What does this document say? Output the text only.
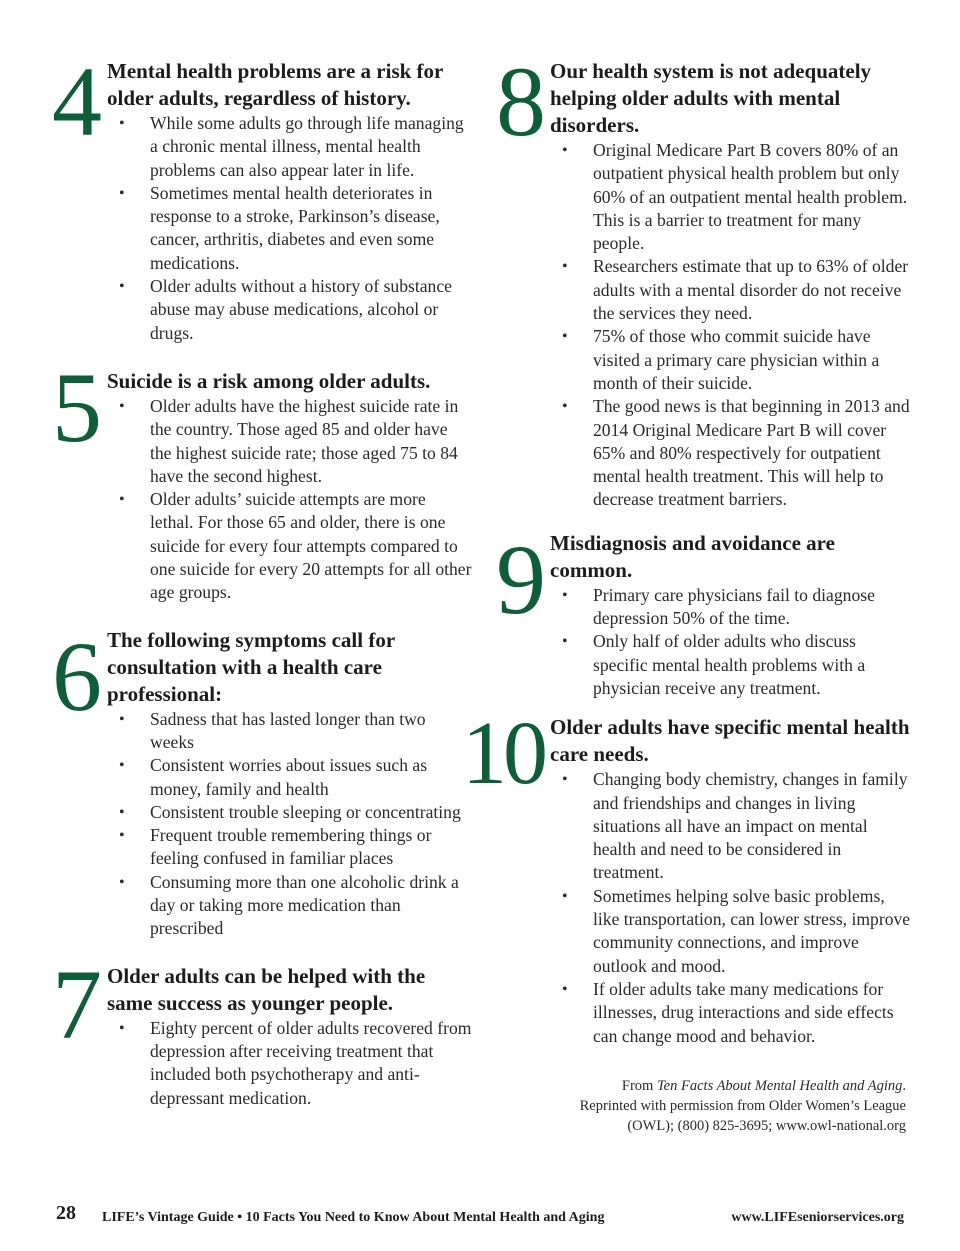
4 Mental health problems are a risk for older adults, regardless of history.
• While some adults go through life managing a chronic mental illness, mental health problems can also appear later in life.
• Sometimes mental health deteriorates in response to a stroke, Parkinson’s disease, cancer, arthritis, diabetes and even some medications.
• Older adults without a history of substance abuse may abuse medications, alcohol or drugs.
5 Suicide is a risk among older adults.
• Older adults have the highest suicide rate in the country. Those aged 85 and older have the highest suicide rate; those aged 75 to 84 have the second highest.
• Older adults’ suicide attempts are more lethal. For those 65 and older, there is one suicide for every four attempts compared to one suicide for every 20 attempts for all other age groups.
6 The following symptoms call for consultation with a health care professional:
• Sadness that has lasted longer than two weeks
• Consistent worries about issues such as money, family and health
• Consistent trouble sleeping or concentrating
• Frequent trouble remembering things or feeling confused in familiar places
• Consuming more than one alcoholic drink a day or taking more medication than prescribed
7 Older adults can be helped with the same success as younger people.
• Eighty percent of older adults recovered from depression after receiving treatment that included both psychotherapy and anti-depressant medication.
8 Our health system is not adequately helping older adults with mental disorders.
• Original Medicare Part B covers 80% of an outpatient physical health problem but only 60% of an outpatient mental health problem. This is a barrier to treatment for many people.
• Researchers estimate that up to 63% of older adults with a mental disorder do not receive the services they need.
• 75% of those who commit suicide have visited a primary care physician within a month of their suicide.
• The good news is that beginning in 2013 and 2014 Original Medicare Part B will cover 65% and 80% respectively for outpatient mental health treatment. This will help to decrease treatment barriers.
9 Misdiagnosis and avoidance are common.
• Primary care physicians fail to diagnose depression 50% of the time.
• Only half of older adults who discuss specific mental health problems with a physician receive any treatment.
10 Older adults have specific mental health care needs.
• Changing body chemistry, changes in family and friendships and changes in living situations all have an impact on mental health and need to be considered in treatment.
• Sometimes helping solve basic problems, like transportation, can lower stress, improve community connections, and improve outlook and mood.
• If older adults take many medications for illnesses, drug interactions and side effects can change mood and behavior.
From Ten Facts About Mental Health and Aging.
Reprinted with permission from Older Women’s League
(OWL); (800) 825-3695; www.owl-national.org
28 LIFE’s Vintage Guide • 10 Facts You Need to Know About Mental Health and Aging	www.LIFEseniorservices.org
